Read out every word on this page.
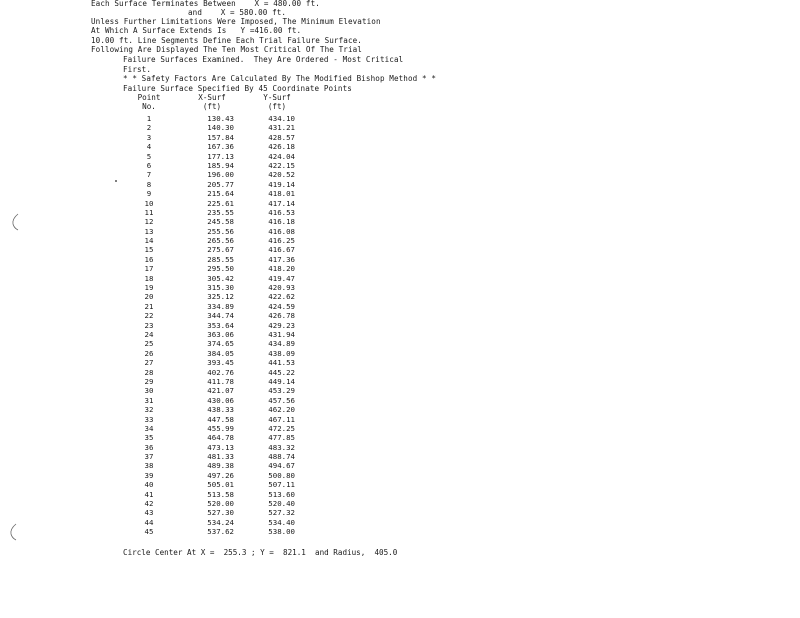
Each Surface Terminates Between    X = 480.00 ft.
and    X = 580.00 ft.
Unless Further Limitations Were Imposed, The Minimum Elevation
At Which A Surface Extends Is   Y =416.00 ft.
10.00 ft. Line Segments Define Each Trial Failure Surface.
Following Are Displayed The Ten Most Critical Of The Trial
Failure Surfaces Examined.  They Are Ordered - Most Critical
First.
* * Safety Factors Are Calculated By The Modified Bishop Method * *
Failure Surface Specified By 45 Coordinate Points
Point	X-Surf	Y-Surf
No.	(ft)	(ft)
1	130.43	434.10
2	140.30	431.21
3	157.84	428.57
4	167.36	426.18
5	177.13	424.04
6	185.94	422.15
7	196.00	420.52
8	205.77	419.14
9	215.64	418.01
10	225.61	417.14
11	235.55	416.53
12	245.58	416.18
13	255.56	416.08
14	265.56	416.25
15	275.67	416.67
16	285.55	417.36
17	295.50	418.20
18	305.42	419.47
19	315.30	420.93
20	325.12	422.62
21	334.89	424.59
22	344.74	426.78
23	353.64	429.23
24	363.06	431.94
25	374.65	434.89
26	384.05	438.09
27	393.45	441.53
28	402.76	445.22
29	411.78	449.14
30	421.07	453.29
31	430.06	457.56
32	438.33	462.20
33	447.58	467.11
34	455.99	472.25
35	464.78	477.85
36	473.13	483.32
37	481.33	488.74
38	489.38	494.67
39	497.26	500.80
40	505.01	507.11
41	513.58	513.60
42	520.00	520.40
43	527.30	527.32
44	534.24	534.40
45	537.62	538.00
Circle Center At X =  255.3 ; Y =  821.1  and Radius,  405.0
